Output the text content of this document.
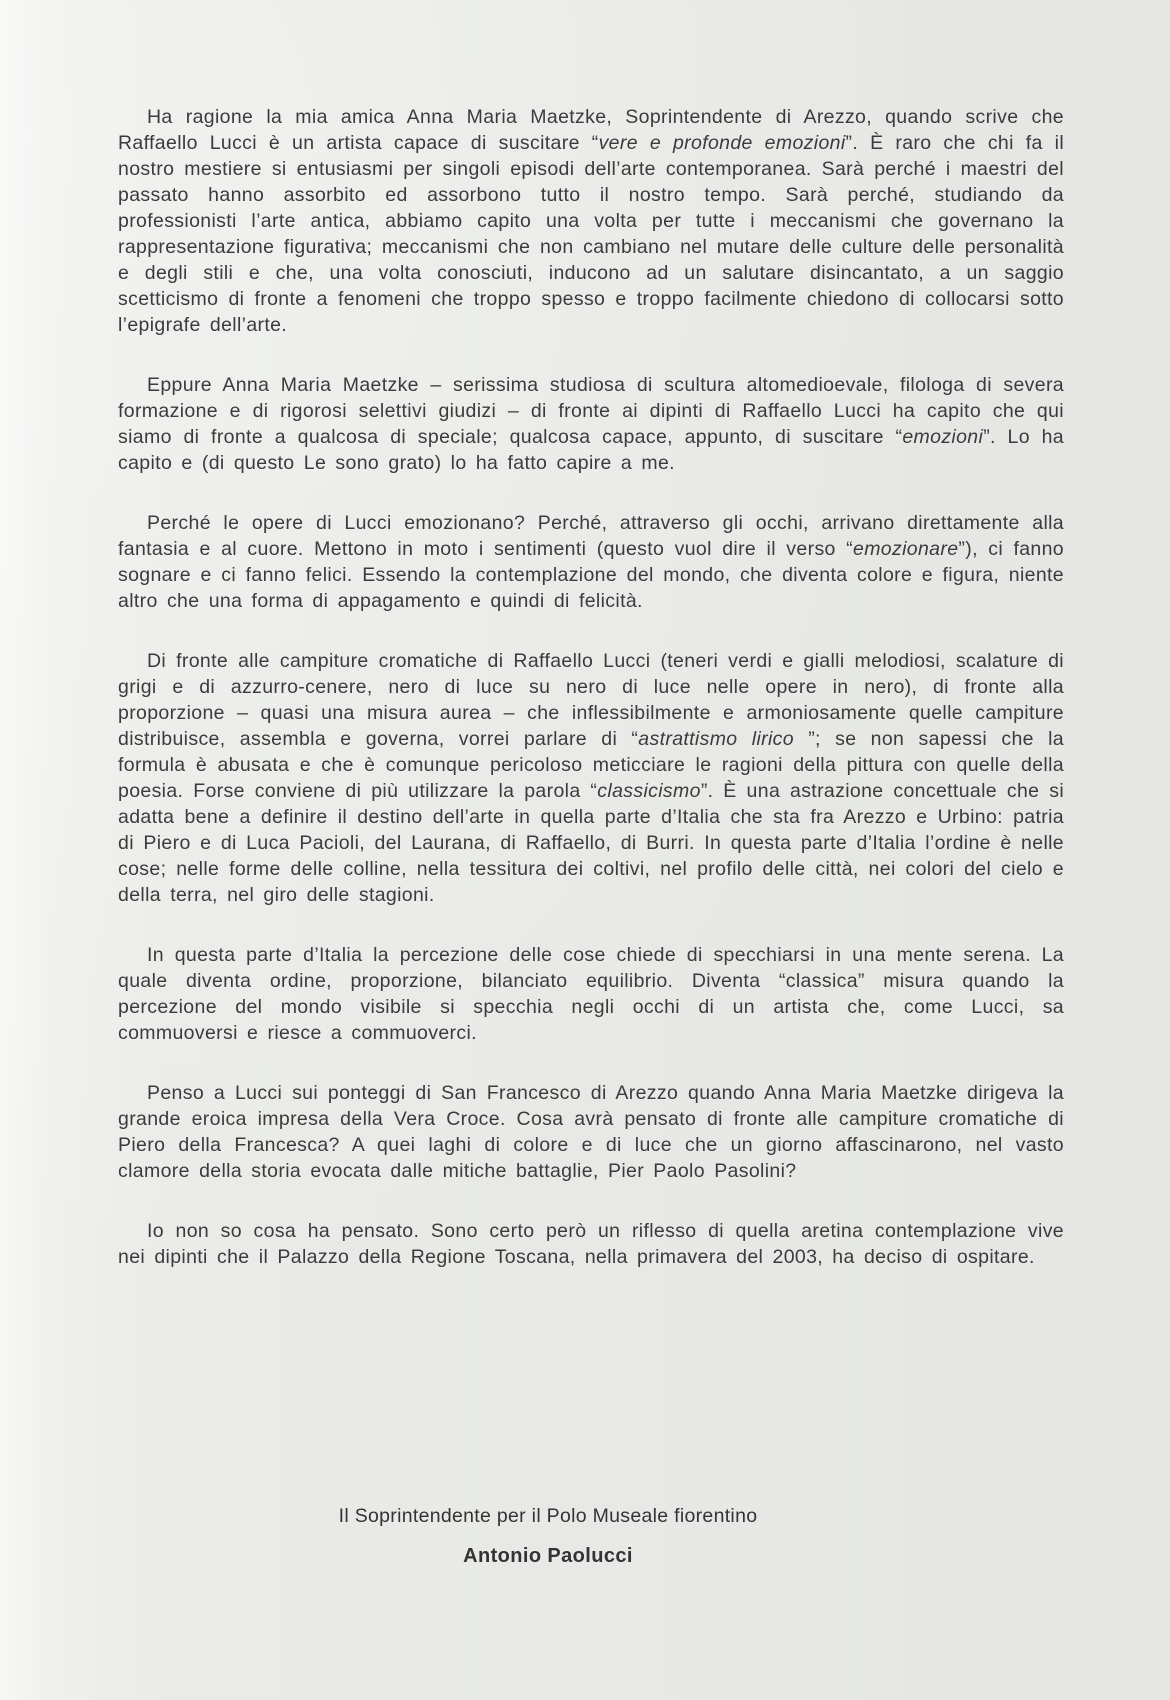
Ha ragione la mia amica Anna Maria Maetzke, Soprintendente di Arezzo, quando scrive che Raffaello Lucci è un artista capace di suscitare “vere e profonde emozioni”. È raro che chi fa il nostro mestiere si entusiasmi per singoli episodi dell’arte contemporanea. Sarà perché i maestri del passato hanno assorbito ed assorbono tutto il nostro tempo. Sarà perché, studiando da professionisti l’arte antica, abbiamo capito una volta per tutte i meccanismi che governano la rappresentazione figurativa; meccanismi che non cambiano nel mutare delle culture delle personalità e degli stili e che, una volta conosciuti, inducono ad un salutare disincantato, a un saggio scetticismo di fronte a fenomeni che troppo spesso e troppo facilmente chiedono di collocarsi sotto l’epigrafe dell’arte.

Eppure Anna Maria Maetzke – serissima studiosa di scultura altomedioevale, filologa di severa formazione e di rigorosi selettivi giudizi – di fronte ai dipinti di Raffaello Lucci ha capito che qui siamo di fronte a qualcosa di speciale; qualcosa capace, appunto, di suscitare “emozioni”. Lo ha capito e (di questo Le sono grato) lo ha fatto capire a me.

Perché le opere di Lucci emozionano? Perché, attraverso gli occhi, arrivano direttamente alla fantasia e al cuore. Mettono in moto i sentimenti (questo vuol dire il verso “emozionare”), ci fanno sognare e ci fanno felici. Essendo la contemplazione del mondo, che diventa colore e figura, niente altro che una forma di appagamento e quindi di felicità.

Di fronte alle campiture cromatiche di Raffaello Lucci (teneri verdi e gialli melodiosi, scalature di grigi e di azzurro-cenere, nero di luce su nero di luce nelle opere in nero), di fronte alla proporzione – quasi una misura aurea – che inflessibilmente e armoniosamente quelle campiture distribuisce, assembla e governa, vorrei parlare di “astrattismo lirico ”; se non sapessi che la formula è abusata e che è comunque pericoloso meticciare le ragioni della pittura con quelle della poesia. Forse conviene di più utilizzare la parola “classicismo”. È una astrazione concettuale che si adatta bene a definire il destino dell’arte in quella parte d’Italia che sta fra Arezzo e Urbino: patria di Piero e di Luca Pacioli, del Laurana, di Raffaello, di Burri. In questa parte d’Italia l’ordine è nelle cose; nelle forme delle colline, nella tessitura dei coltivi, nel profilo delle città, nei colori del cielo e della terra, nel giro delle stagioni.

In questa parte d’Italia la percezione delle cose chiede di specchiarsi in una mente serena. La quale diventa ordine, proporzione, bilanciato equilibrio. Diventa “classica” misura quando la percezione del mondo visibile si specchia negli occhi di un artista che, come Lucci, sa commuoversi e riesce a commuoverci.

Penso a Lucci sui ponteggi di San Francesco di Arezzo quando Anna Maria Maetzke dirigeva la grande eroica impresa della Vera Croce. Cosa avrà pensato di fronte alle campiture cromatiche di Piero della Francesca? A quei laghi di colore e di luce che un giorno affascinarono, nel vasto clamore della storia evocata dalle mitiche battaglie, Pier Paolo Pasolini?

Io non so cosa ha pensato. Sono certo però un riflesso di quella aretina contemplazione vive nei dipinti che il Palazzo della Regione Toscana, nella primavera del 2003, ha deciso di ospitare.

Il Soprintendente per il Polo Museale fiorentino

Antonio Paolucci
